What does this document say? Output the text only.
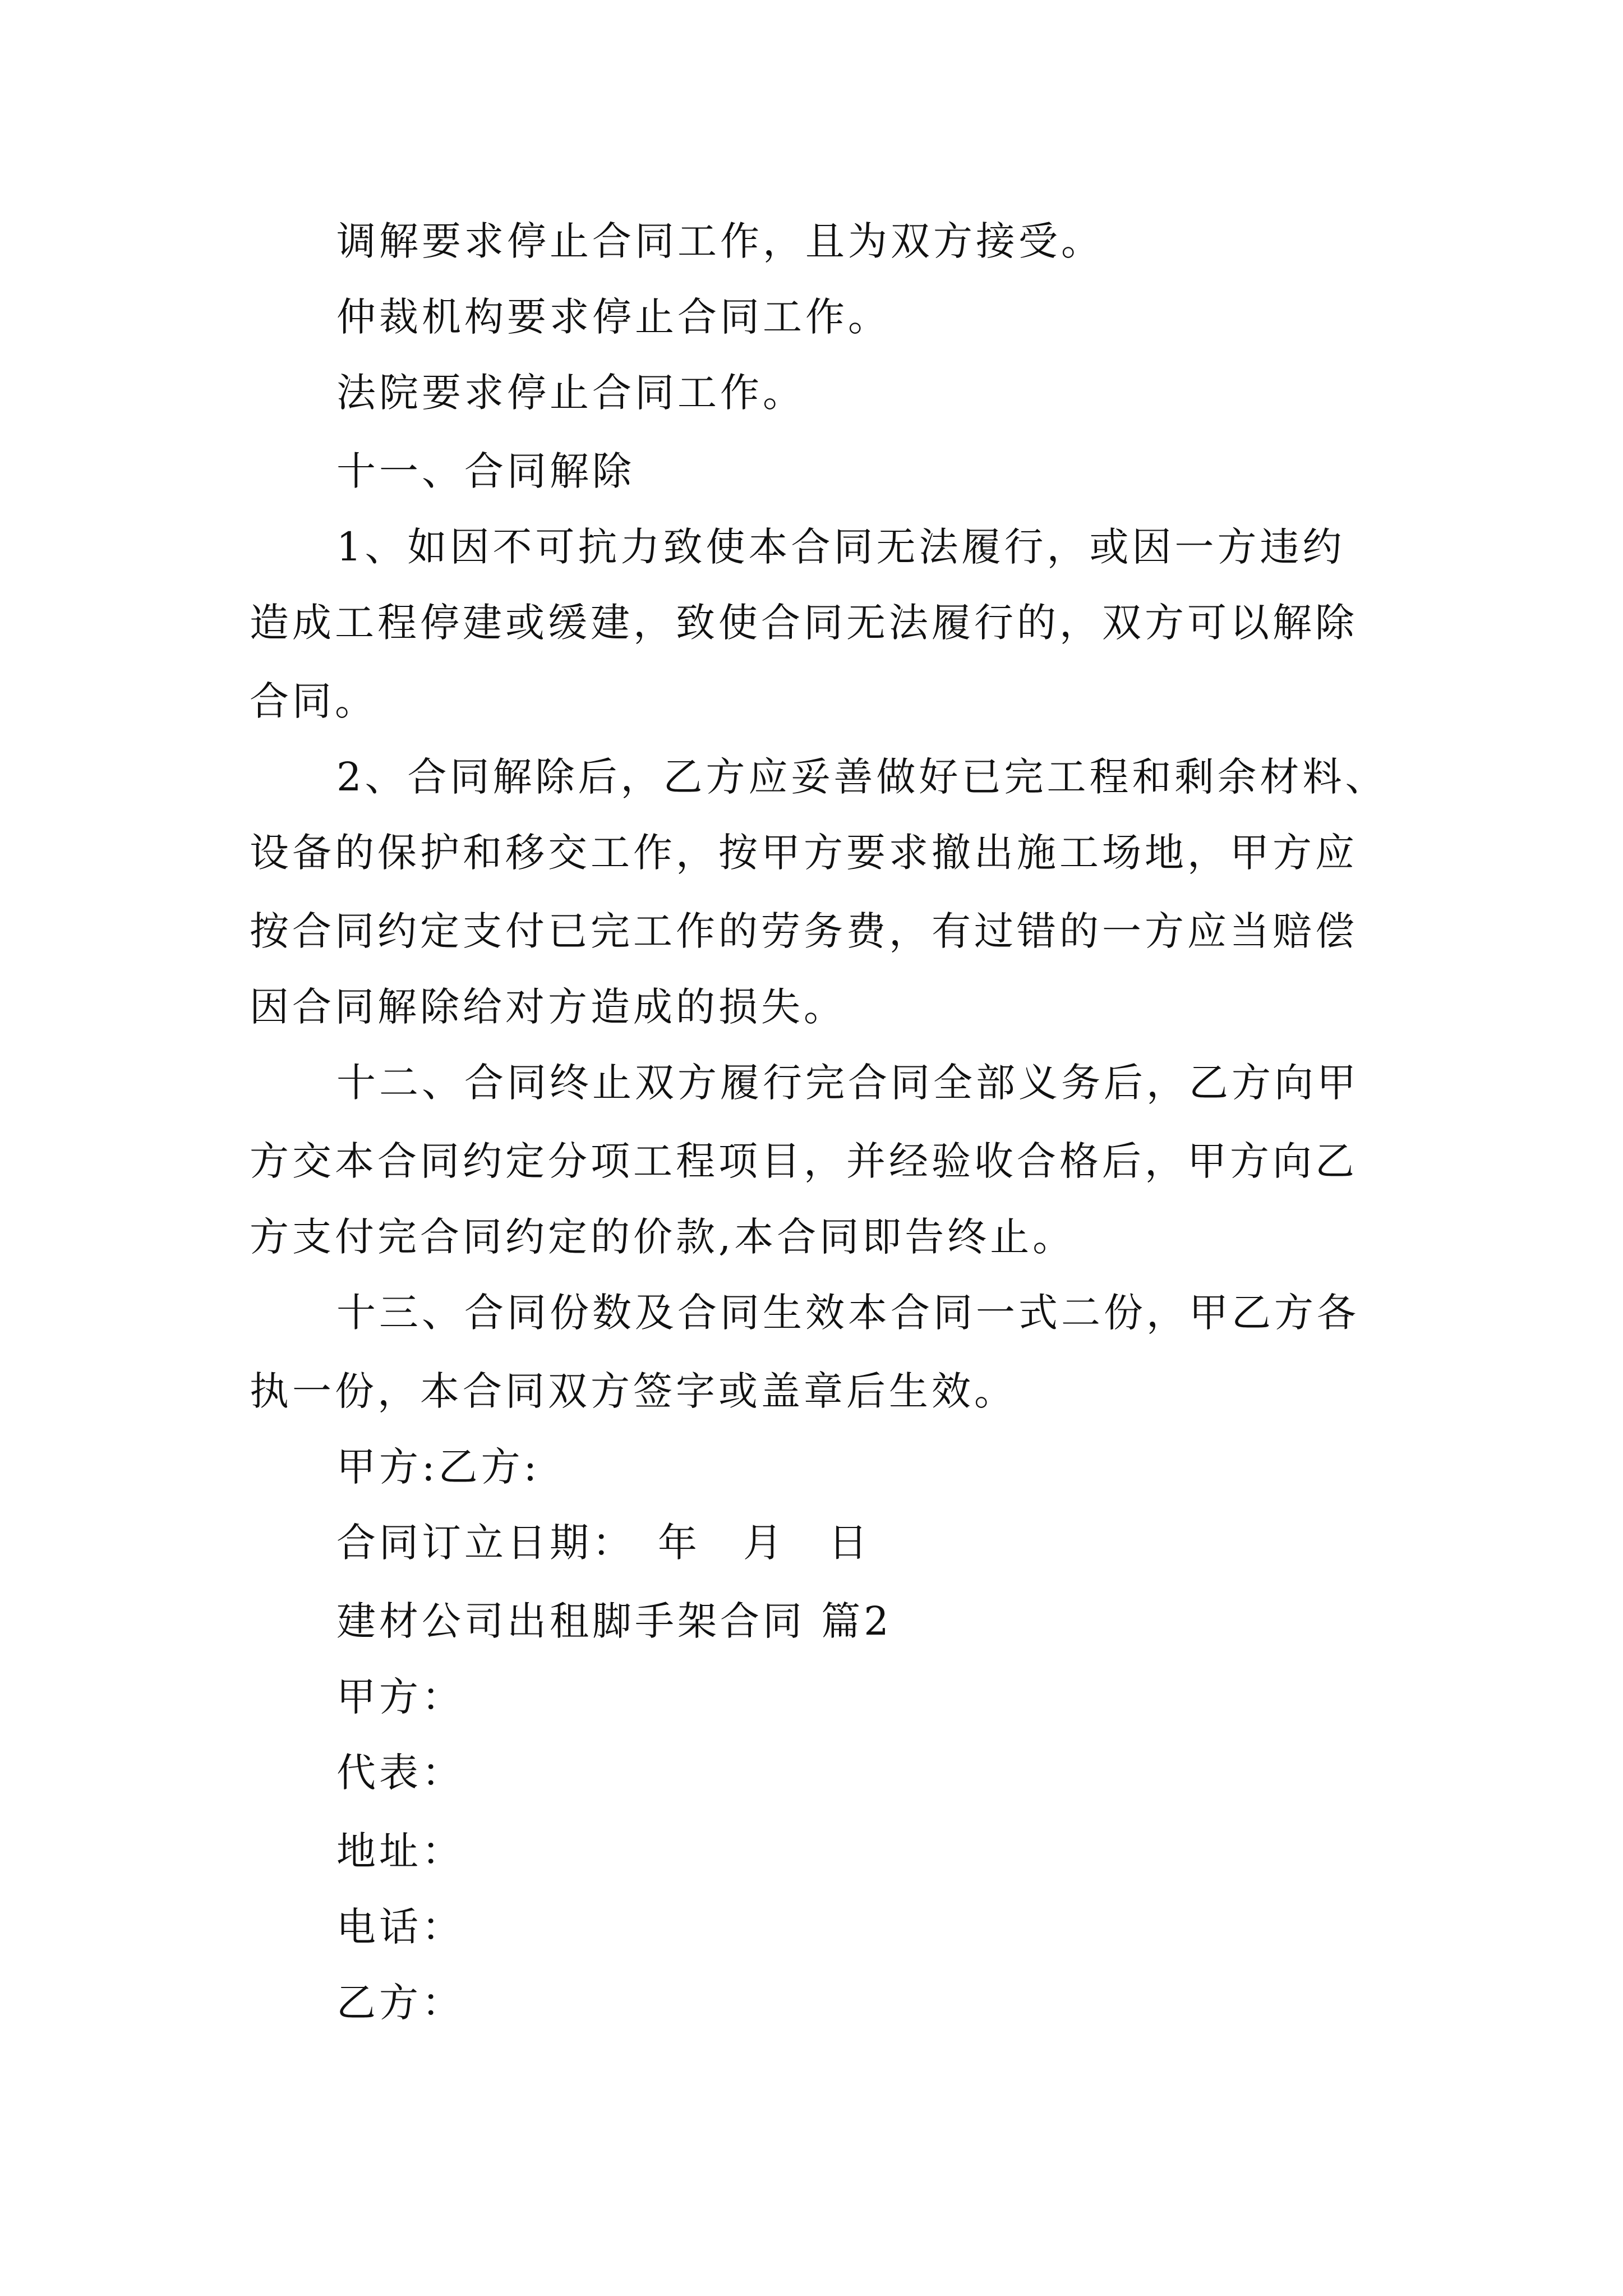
调解要求停止合同工作，且为双方接受。
仲裁机构要求停止合同工作。
法院要求停止合同工作。
十一、合同解除
1、如因不可抗力致使本合同无法履行，或因一方违约
造成工程停建或缓建，致使合同无法履行的，双方可以解除
合同。
2、合同解除后，乙方应妥善做好已完工程和剩余材料、
设备的保护和移交工作，按甲方要求撤出施工场地，甲方应
按合同约定支付已完工作的劳务费，有过错的一方应当赔偿
因合同解除给对方造成的损失。
十二、合同终止双方履行完合同全部义务后，乙方向甲
方交本合同约定分项工程项目，并经验收合格后，甲方向乙
方支付完合同约定的价款,本合同即告终止。
十三、合同份数及合同生效本合同一式二份，甲乙方各
执一份，本合同双方签字或盖章后生效。
甲方:乙方:
合同订立日期：　年　月　日
建材公司出租脚手架合同 篇2
甲方：
代表：
地址：
电话：
乙方：
